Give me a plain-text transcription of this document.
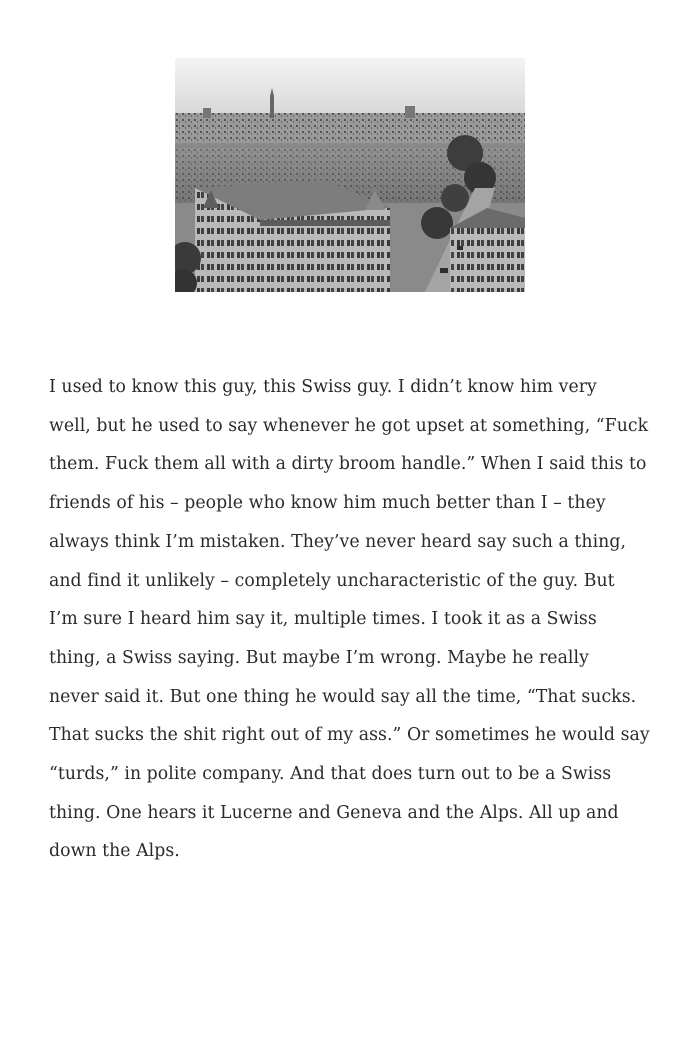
I used to know this guy, this Swiss guy. I didn’t know him very
well, but he used to say whenever he got upset at something, “Fuck
them. Fuck them all with a dirty broom handle.” When I said this to
friends of his – people who know him much better than I – they
always think I’m mistaken. They’ve never heard say such a thing,
and find it unlikely – completely uncharacteristic of the guy. But
I’m sure I heard him say it, multiple times. I took it as a Swiss
thing, a Swiss saying. But maybe I’m wrong. Maybe he really
never said it. But one thing he would say all the time, “That sucks.
That sucks the shit right out of my ass.” Or sometimes he would say
“turds,” in polite company. And that does turn out to be a Swiss
thing. One hears it Lucerne and Geneva and the Alps. All up and
down the Alps.
